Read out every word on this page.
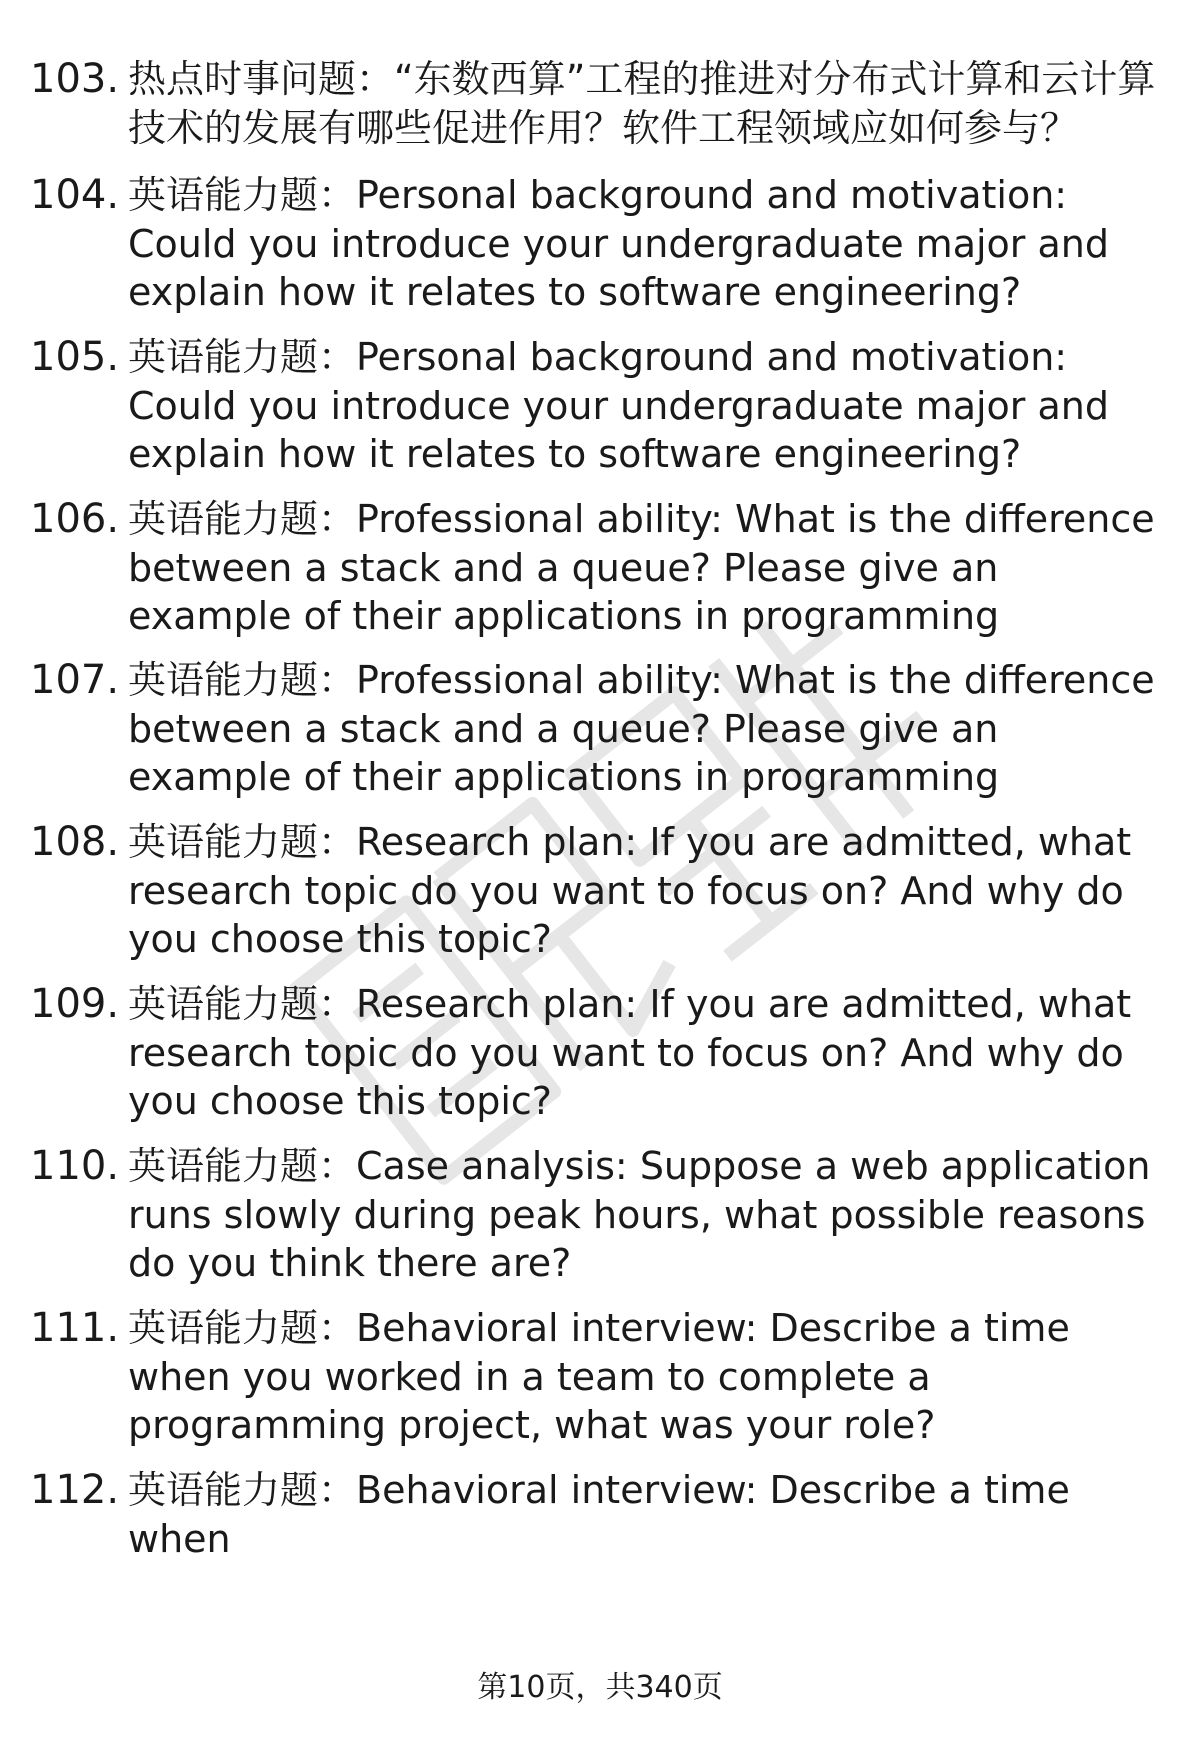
103. 热点时事问题：“东数西算”工程的推进对分布式计算和云计算技术的发展有哪些促进作用？软件工程领域应如何参与？
104. 英语能力题：Personal background and motivation: Could you introduce your undergraduate major and explain how it relates to software engineering?
105. 英语能力题：Personal background and motivation: Could you introduce your undergraduate major and explain how it relates to software engineering?
106. 英语能力题：Professional ability: What is the difference between a stack and a queue? Please give an example of their applications in programming
107. 英语能力题：Professional ability: What is the difference between a stack and a queue? Please give an example of their applications in programming
108. 英语能力题：Research plan: If you are admitted, what research topic do you want to focus on? And why do you choose this topic?
109. 英语能力题：Research plan: If you are admitted, what research topic do you want to focus on? And why do you choose this topic?
110. 英语能力题：Case analysis: Suppose a web application runs slowly during peak hours, what possible reasons do you think there are?
111. 英语能力题：Behavioral interview: Describe a time when you worked in a team to complete a programming project, what was your role?
112. 英语能力题：Behavioral interview: Describe a time when
第10页，共340页
